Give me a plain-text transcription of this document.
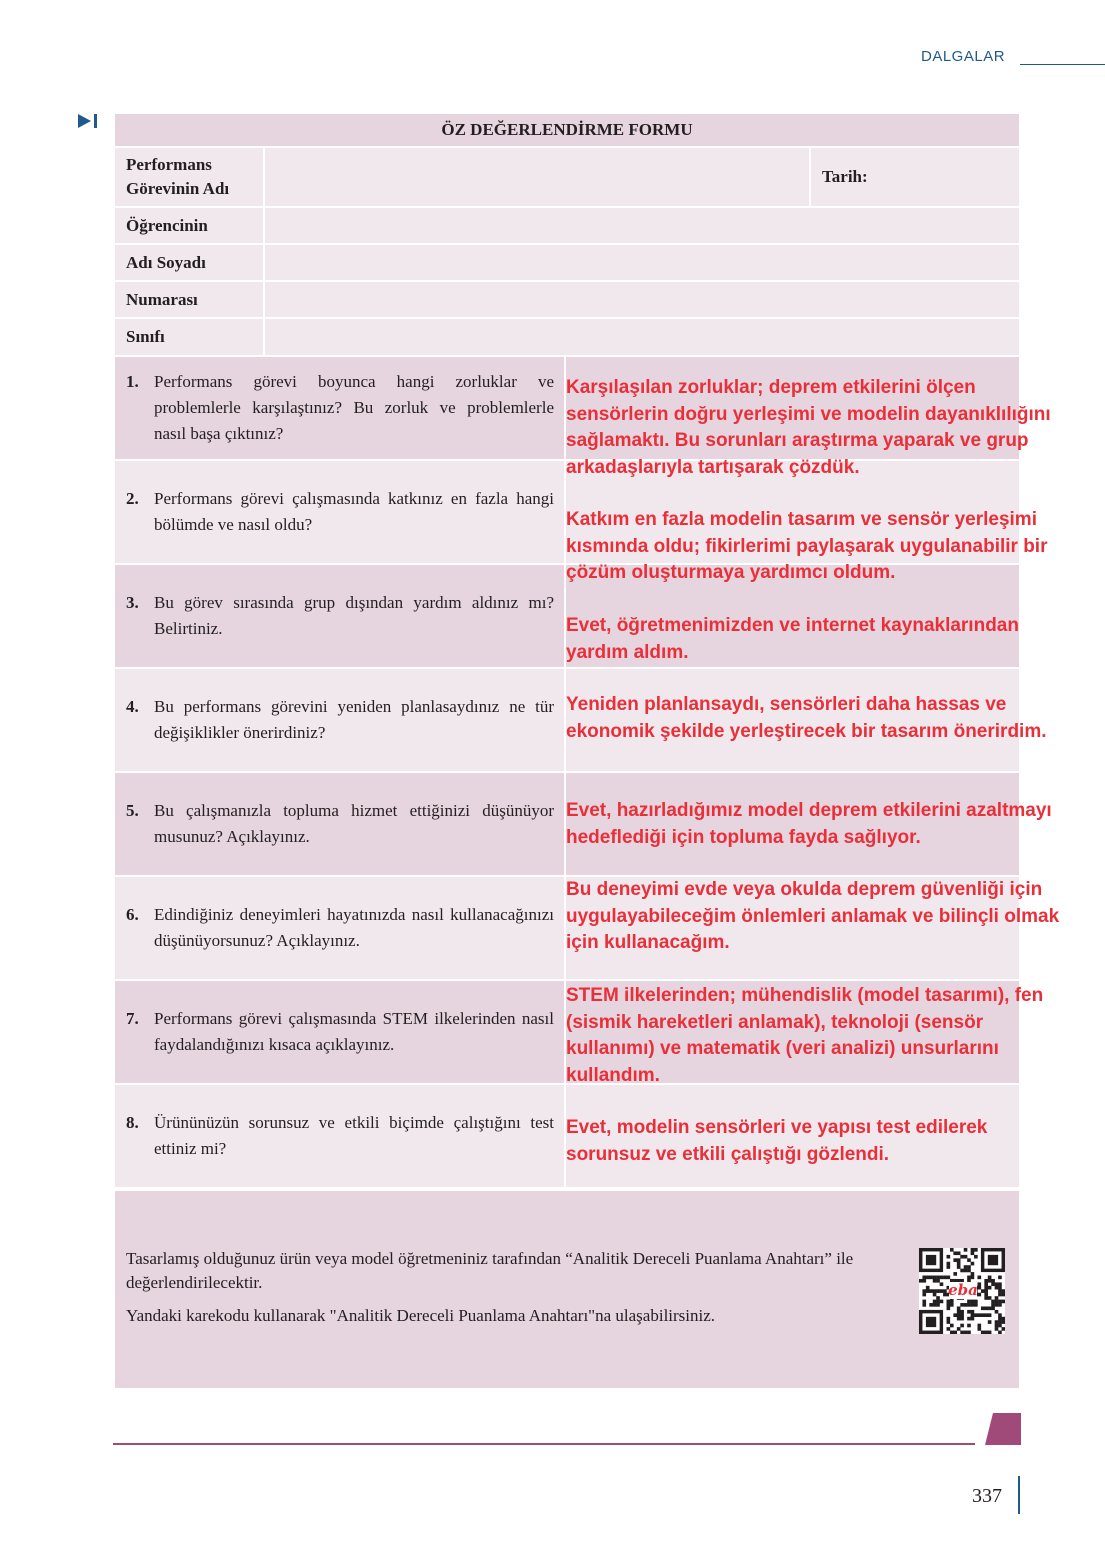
DALGALAR
ÖZ DEĞERLENDİRME FORMU
Performans Görevinin Adı
Tarih:
Öğrencinin
Adı Soyadı
Numarası
Sınıfı
1. Performans görevi boyunca hangi zorluklar ve problemlerle karşılaştınız? Bu zorluk ve problemlerle nasıl başa çıktınız?
2. Performans görevi çalışmasında katkınız en fazla hangi bölümde ve nasıl oldu?
3. Bu görev sırasında grup dışından yardım aldınız mı? Belirtiniz.
4. Bu performans görevini yeniden planlasaydınız ne tür değişiklikler önerirdiniz?
5. Bu çalışmanızla topluma hizmet ettiğinizi düşünüyor musunuz? Açıklayınız.
6. Edindiğiniz deneyimleri hayatınızda nasıl kullanacağınızı düşünüyorsunuz? Açıklayınız.
7. Performans görevi çalışmasında STEM ilkelerinden nasıl faydalandığınızı kısaca açıklayınız.
8. Ürününüzün sorunsuz ve etkili biçimde çalıştığını test ettiniz mi?
Karşılaşılan zorluklar; deprem etkilerini ölçen sensörlerin doğru yerleşimi ve modelin dayanıklılığını sağlamaktı. Bu sorunları araştırma yaparak ve grup arkadaşlarıyla tartışarak çözdük.
Katkım en fazla modelin tasarım ve sensör yerleşimi kısmında oldu; fikirlerimi paylaşarak uygulanabilir bir çözüm oluşturmaya yardımcı oldum.
Evet, öğretmenimizden ve internet kaynaklarından yardım aldım.
Yeniden planlansaydı, sensörleri daha hassas ve ekonomik şekilde yerleştirecek bir tasarım önerirdim.
Evet, hazırladığımız model deprem etkilerini azaltmayı hedeflediği için topluma fayda sağlıyor.
Bu deneyimi evde veya okulda deprem güvenliği için uygulayabileceğim önlemleri anlamak ve bilinçli olmak için kullanacağım.
STEM ilkelerinden; mühendislik (model tasarımı), fen (sismik hareketleri anlamak), teknoloji (sensör kullanımı) ve matematik (veri analizi) unsurlarını kullandım.
Evet, modelin sensörleri ve yapısı test edilerek sorunsuz ve etkili çalıştığı gözlendi.

Tasarlamış olduğunuz ürün veya model öğretmeniniz tarafından “Analitik Dereceli Puanlama Anahtarı” ile değerlendirilecektir.

Yandaki karekodu kullanarak "Analitik Dereceli Puanlama Anahtarı"na ulaşabilirsiniz.

eba
337
